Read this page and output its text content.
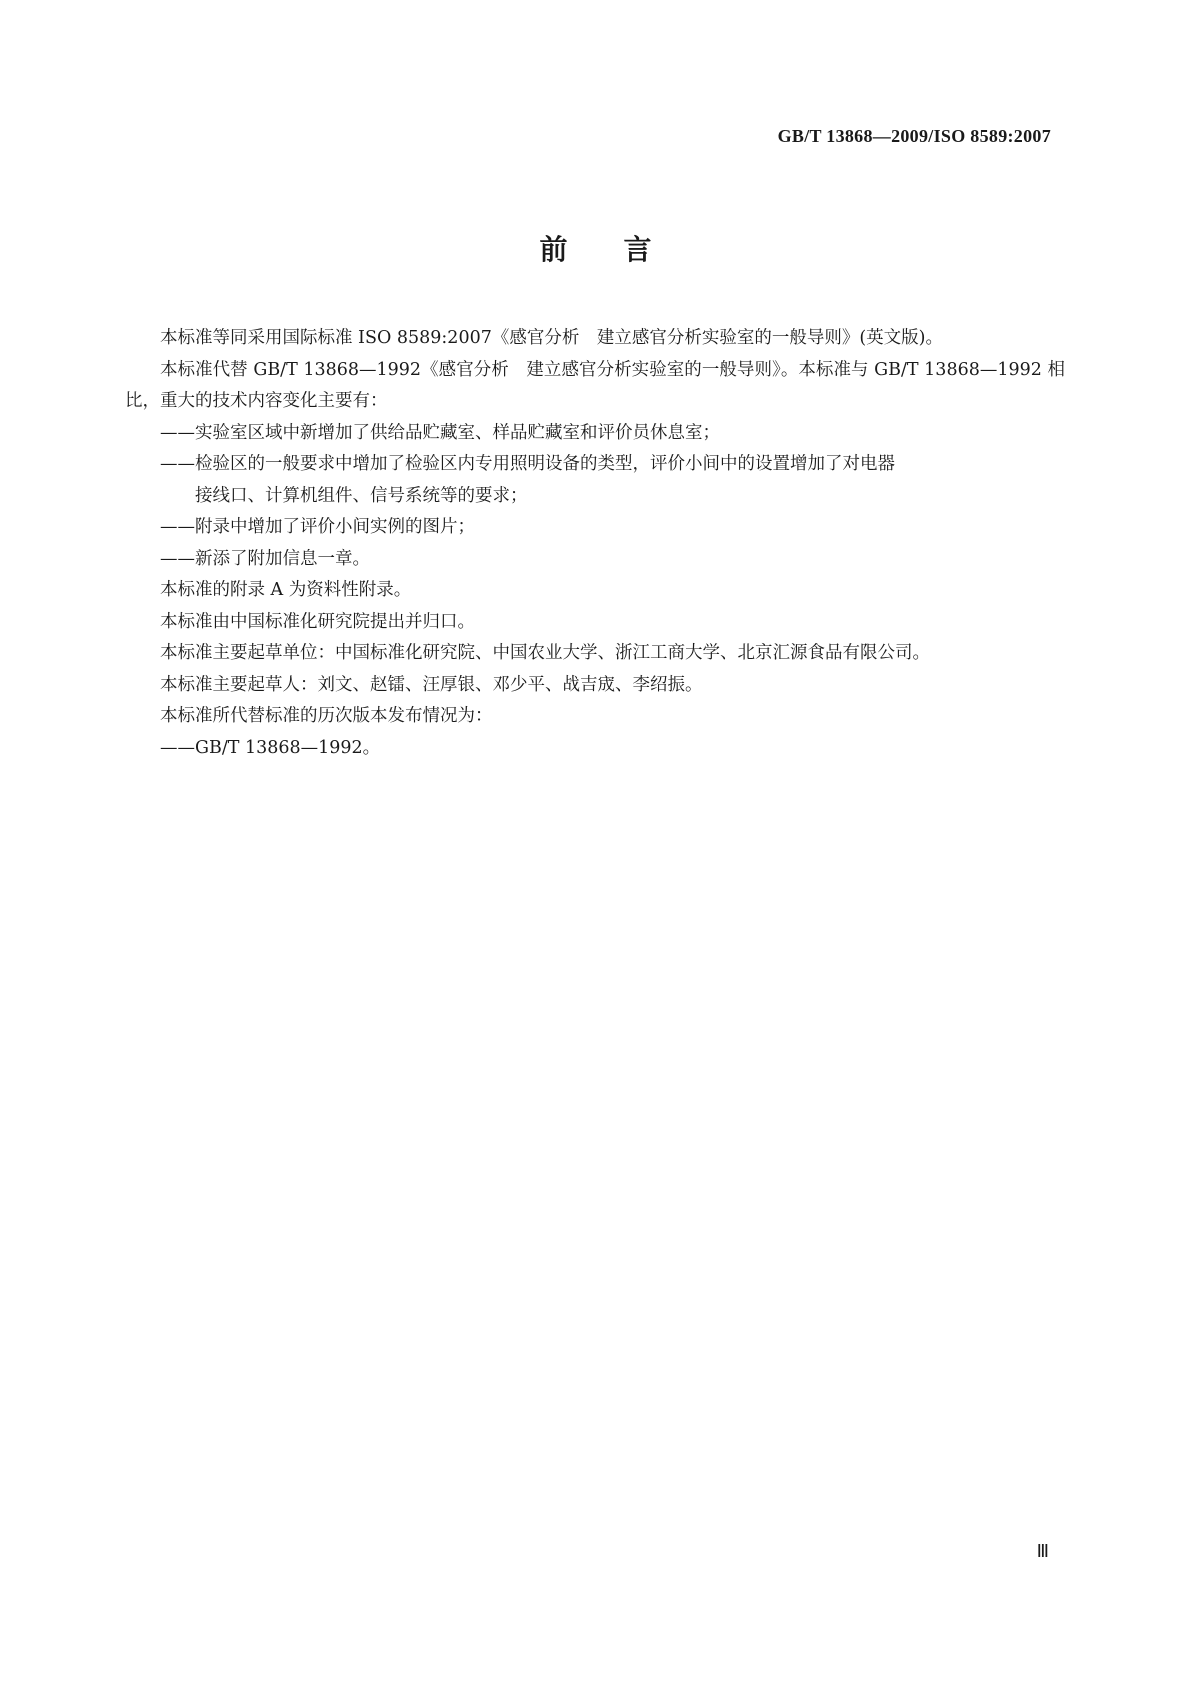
GB/T 13868—2009/ISO 8589:2007
前 言

本标准等同采用国际标准 ISO 8589:2007《感官分析　建立感官分析实验室的一般导则》(英文版)。

本标准代替 GB/T 13868—1992《感官分析　建立感官分析实验室的一般导则》。本标准与 GB/T 13868—1992 相比，重大的技术内容变化主要有：

——实验室区域中新增加了供给品贮藏室、样品贮藏室和评价员休息室；

——检验区的一般要求中增加了检验区内专用照明设备的类型，评价小间中的设置增加了对电器
接线口、计算机组件、信号系统等的要求；

——附录中增加了评价小间实例的图片；

——新添了附加信息一章。

本标准的附录 A 为资料性附录。

本标准由中国标准化研究院提出并归口。

本标准主要起草单位：中国标准化研究院、中国农业大学、浙江工商大学、北京汇源食品有限公司。

本标准主要起草人：刘文、赵镭、汪厚银、邓少平、战吉宬、李绍振。

本标准所代替标准的历次版本发布情况为：

——GB/T 13868—1992。

Ⅲ
